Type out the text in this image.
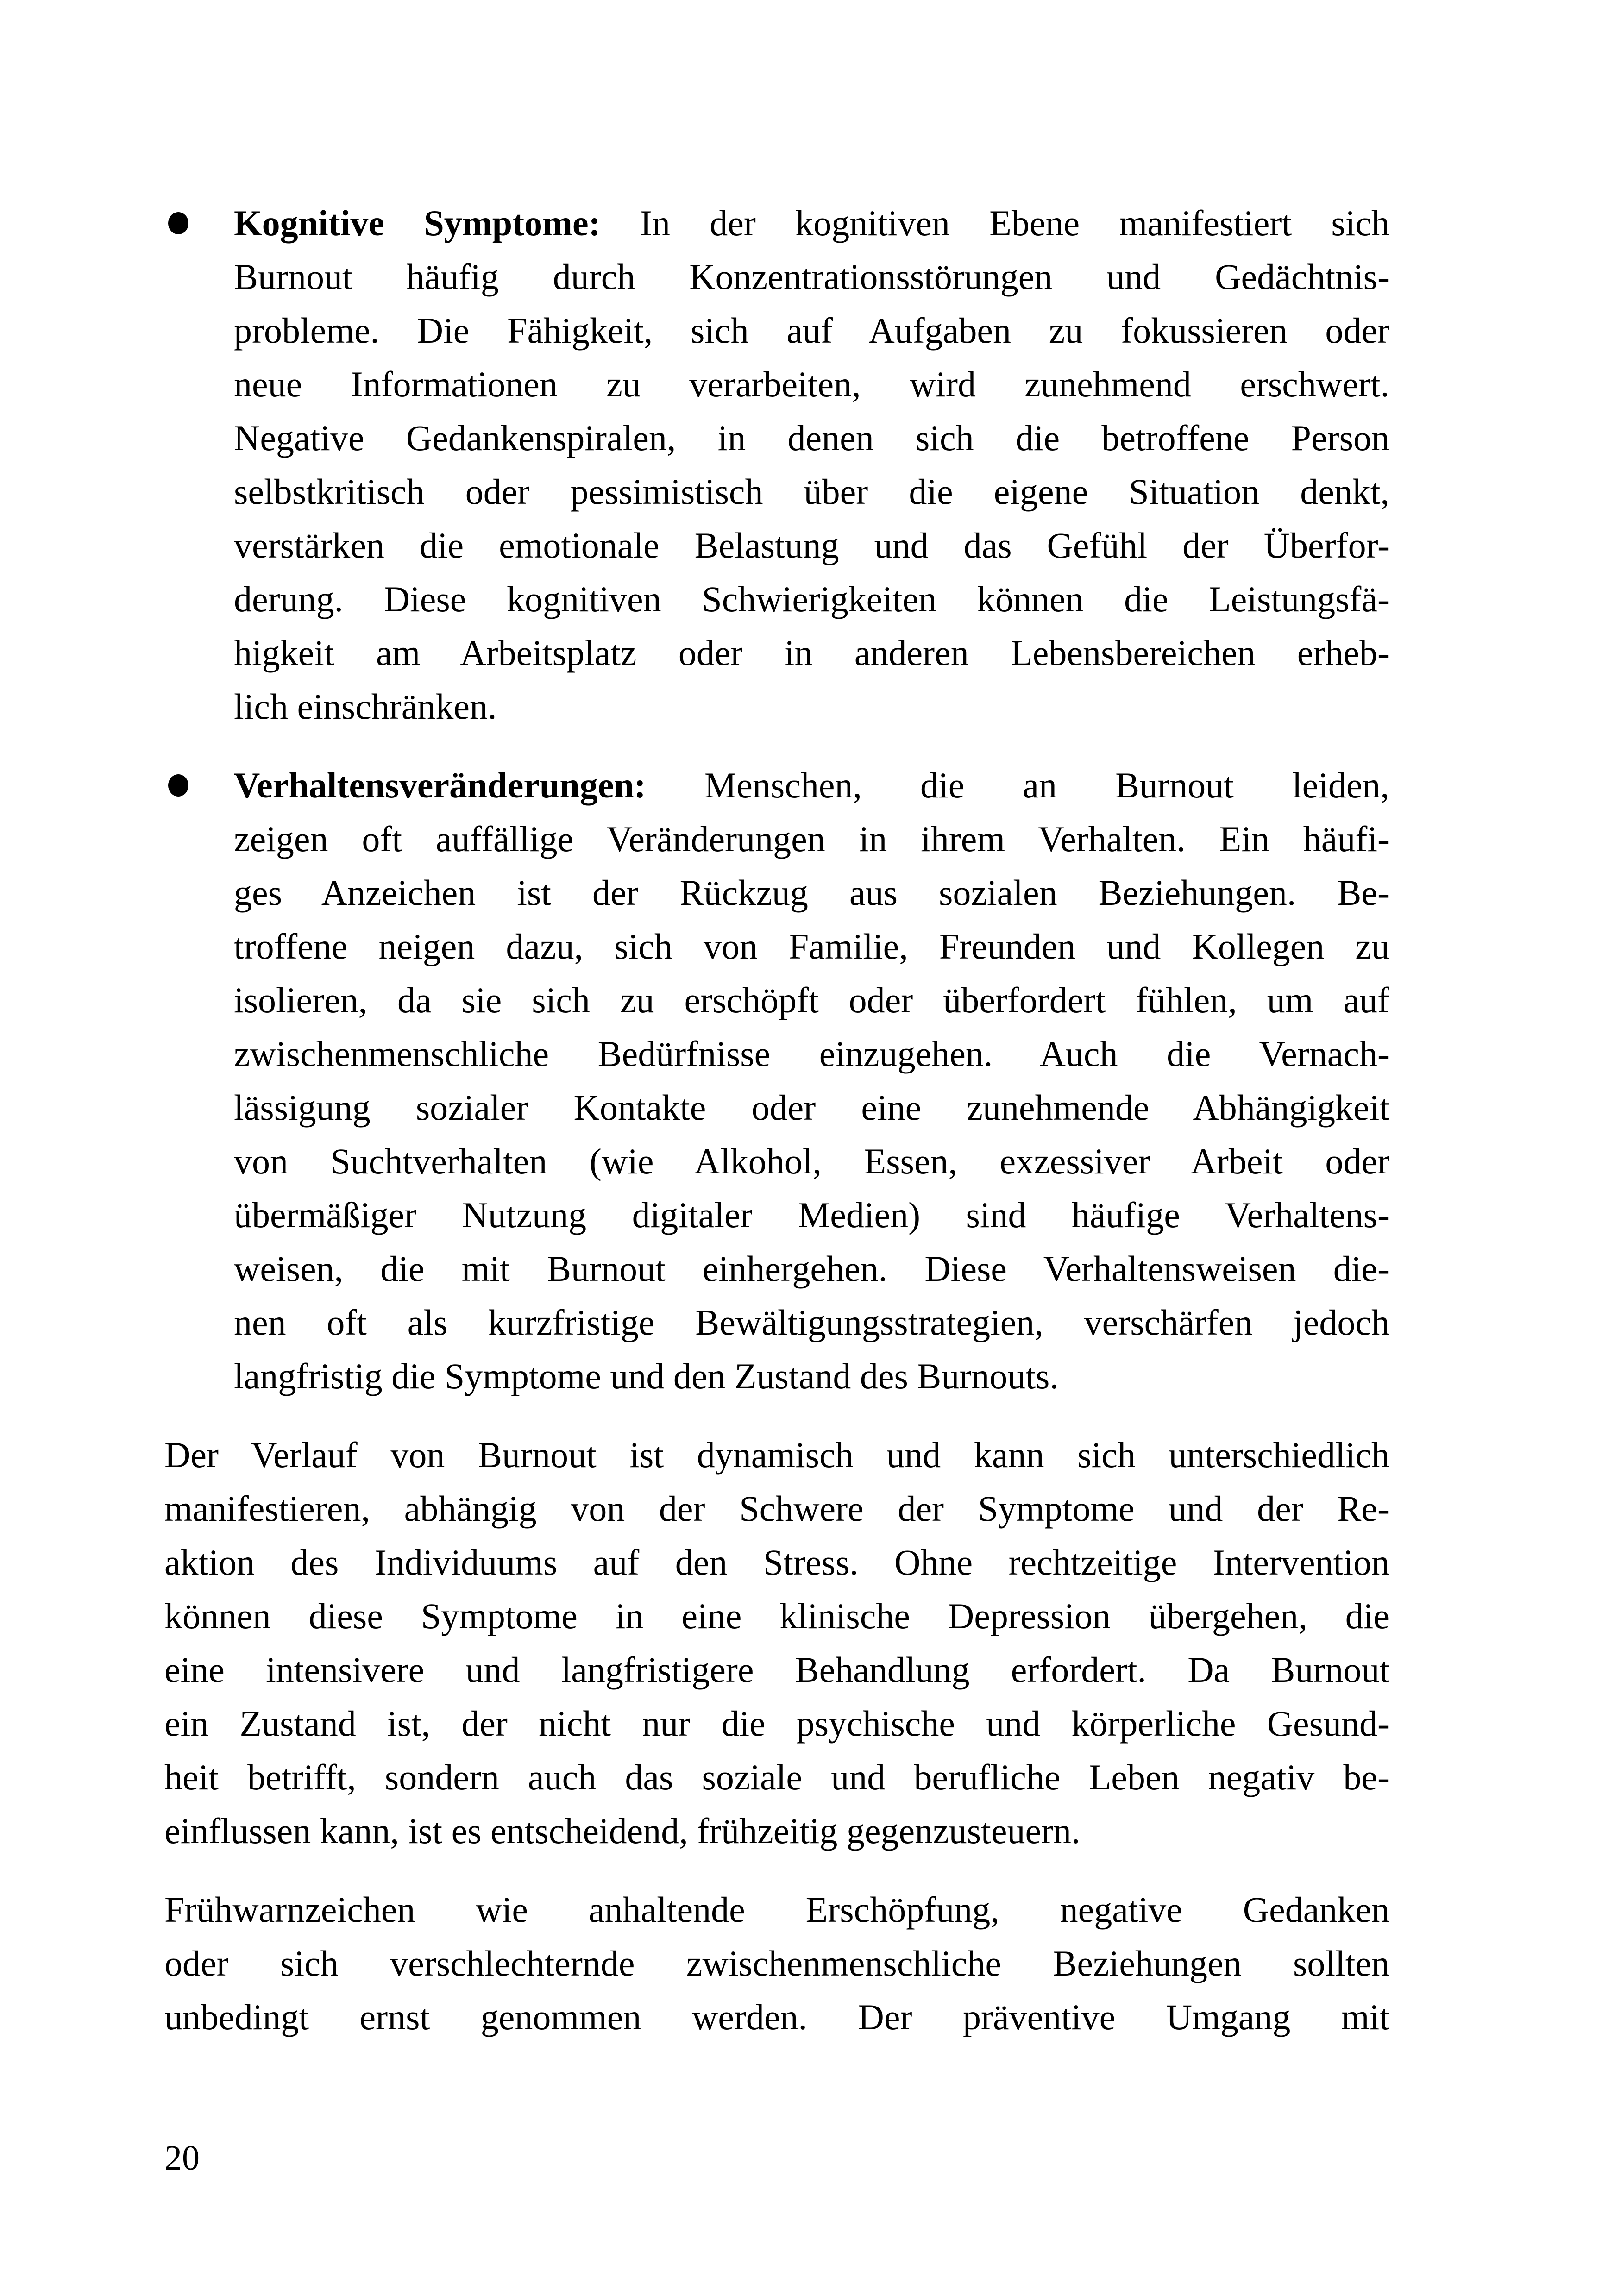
Kognitive Symptome: In der kognitiven Ebene manifestiert sich
Burnout häufig durch Konzentrationsstörungen und Gedächtnis-
probleme. Die Fähigkeit, sich auf Aufgaben zu fokussieren oder
neue Informationen zu verarbeiten, wird zunehmend erschwert.
Negative Gedankenspiralen, in denen sich die betroffene Person
selbstkritisch oder pessimistisch über die eigene Situation denkt,
verstärken die emotionale Belastung und das Gefühl der Überfor-
derung. Diese kognitiven Schwierigkeiten können die Leistungsfä-
higkeit am Arbeitsplatz oder in anderen Lebensbereichen erheb-
lich einschränken.
Verhaltensveränderungen: Menschen, die an Burnout leiden,
zeigen oft auffällige Veränderungen in ihrem Verhalten. Ein häufi-
ges Anzeichen ist der Rückzug aus sozialen Beziehungen. Be-
troffene neigen dazu, sich von Familie, Freunden und Kollegen zu
isolieren, da sie sich zu erschöpft oder überfordert fühlen, um auf
zwischenmenschliche Bedürfnisse einzugehen. Auch die Vernach-
lässigung sozialer Kontakte oder eine zunehmende Abhängigkeit
von Suchtverhalten (wie Alkohol, Essen, exzessiver Arbeit oder
übermäßiger Nutzung digitaler Medien) sind häufige Verhaltens-
weisen, die mit Burnout einhergehen. Diese Verhaltensweisen die-
nen oft als kurzfristige Bewältigungsstrategien, verschärfen jedoch
langfristig die Symptome und den Zustand des Burnouts.
Der Verlauf von Burnout ist dynamisch und kann sich unterschiedlich
manifestieren, abhängig von der Schwere der Symptome und der Re-
aktion des Individuums auf den Stress. Ohne rechtzeitige Intervention
können diese Symptome in eine klinische Depression übergehen, die
eine intensivere und langfristigere Behandlung erfordert. Da Burnout
ein Zustand ist, der nicht nur die psychische und körperliche Gesund-
heit betrifft, sondern auch das soziale und berufliche Leben negativ be-
einflussen kann, ist es entscheidend, frühzeitig gegenzusteuern.
Frühwarnzeichen wie anhaltende Erschöpfung, negative Gedanken
oder sich verschlechternde zwischenmenschliche Beziehungen sollten
unbedingt ernst genommen werden. Der präventive Umgang mit
20
